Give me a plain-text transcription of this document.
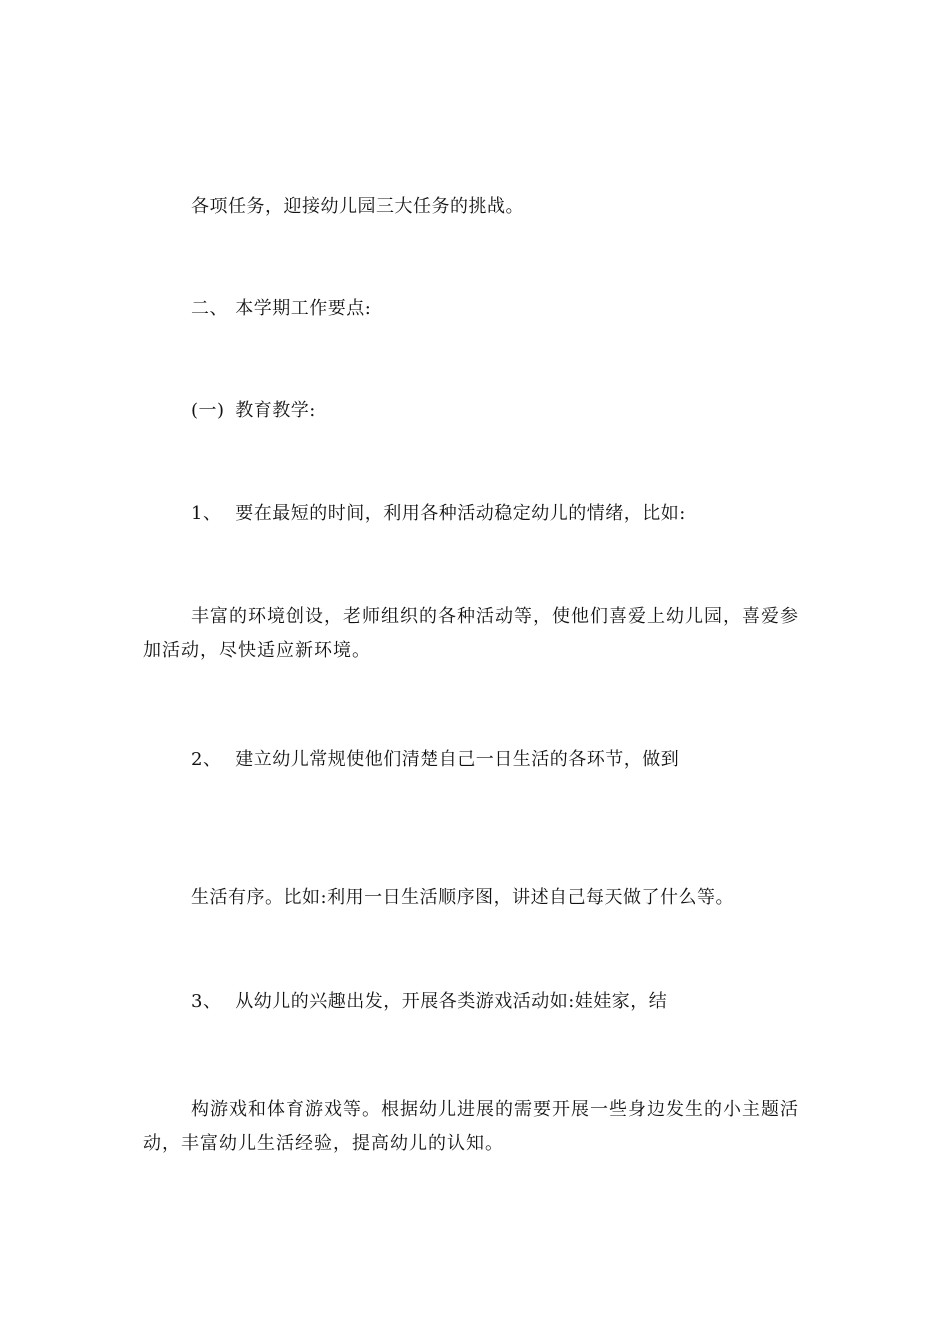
各项任务，迎接幼儿园三大任务的挑战。
二、 本学期工作要点:
(一) 教育教学:
1、 要在最短的时间，利用各种活动稳定幼儿的情绪，比如:
丰富的环境创设，老师组织的各种活动等，使他们喜爱上幼儿园，喜爱参加活动，尽快适应新环境。
2、 建立幼儿常规使他们清楚自己一日生活的各环节，做到
生活有序。比如:利用一日生活顺序图，讲述自己每天做了什么等。
3、 从幼儿的兴趣出发，开展各类游戏活动如:娃娃家，结
构游戏和体育游戏等。根据幼儿进展的需要开展一些身边发生的小主题活动，丰富幼儿生活经验，提高幼儿的认知。
